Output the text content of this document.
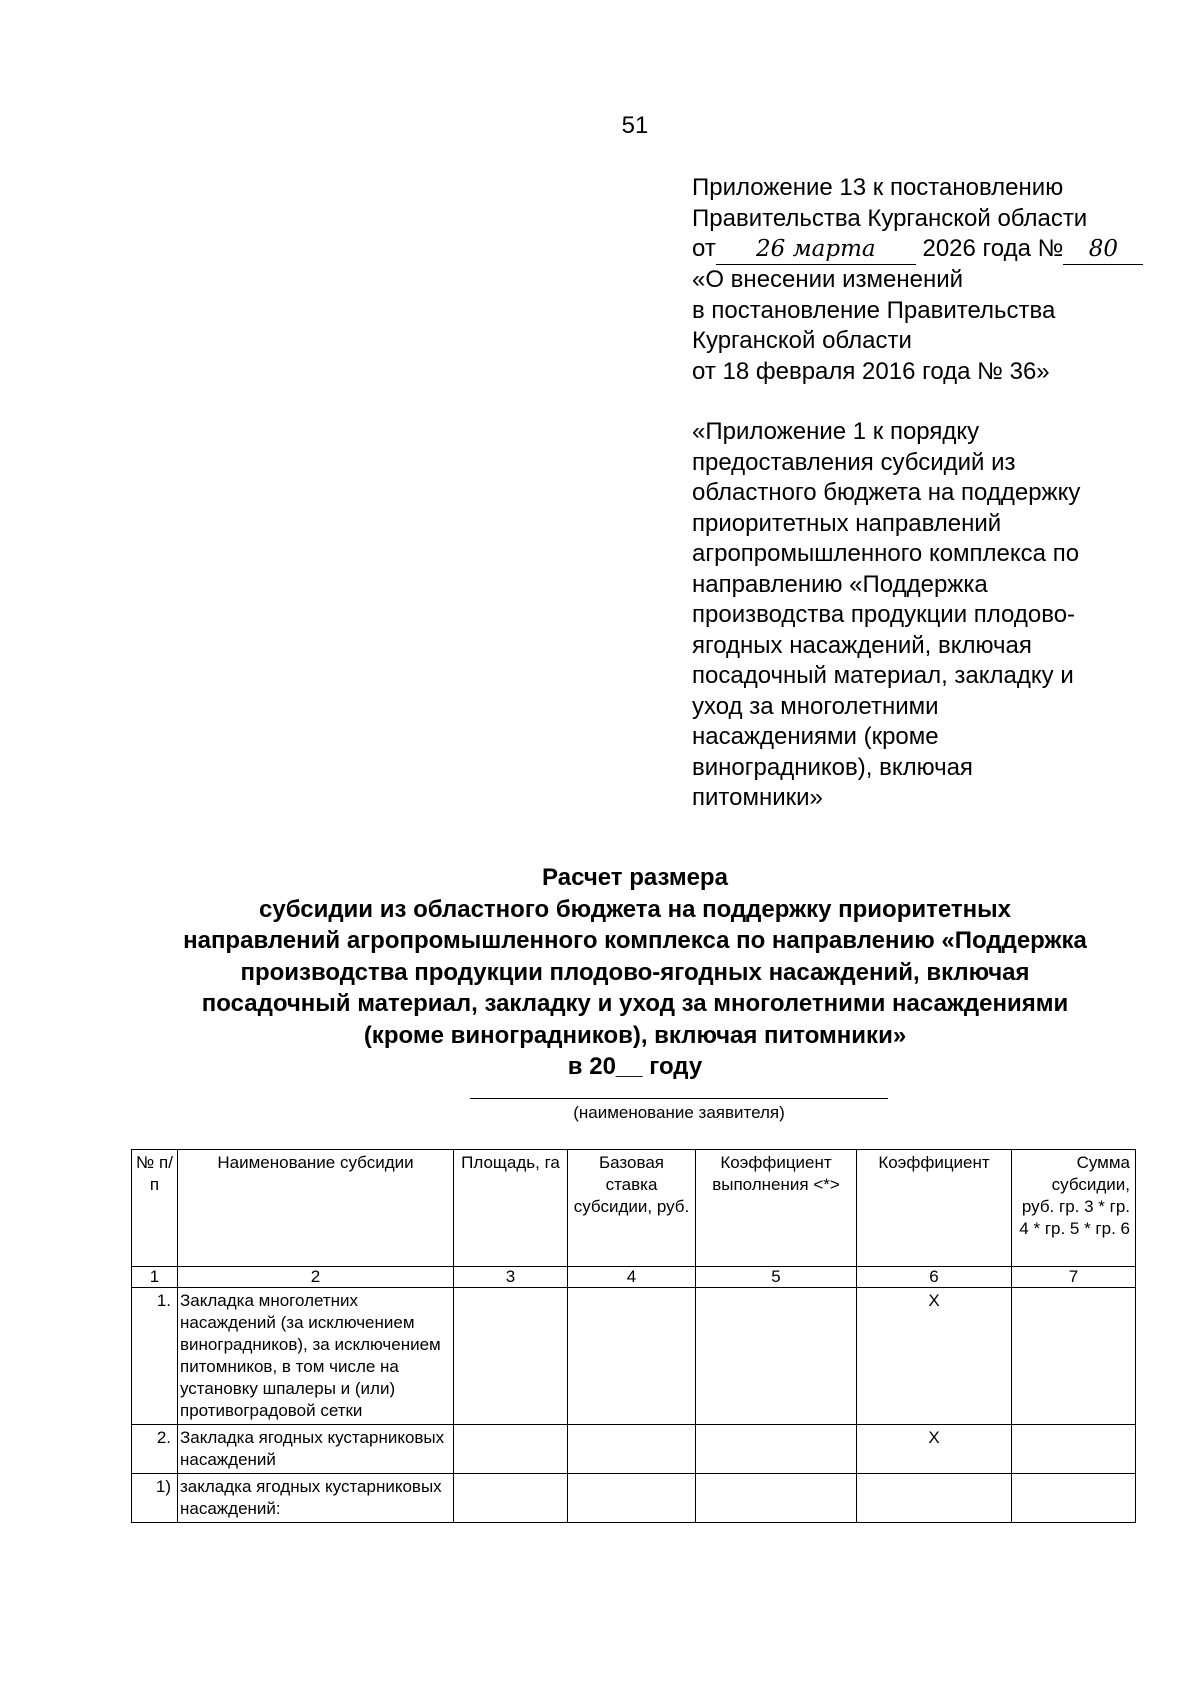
51

Приложение 13 к постановлению

Правительства Курганской области

от 26 марта 2026 года № 80

«О внесении изменений

в постановление Правительства

Курганской области

от 18 февраля 2016 года № 36»

«Приложение 1 к порядку

предоставления субсидий из

областного бюджета на поддержку

приоритетных направлений

агропромышленного комплекса по

направлению «Поддержка

производства продукции плодово-

ягодных насаждений, включая

посадочный материал, закладку и

уход за многолетними

насаждениями (кроме

виноградников), включая

питомники»

Расчет размера

субсидии из областного бюджета на поддержку приоритетных

направлений агропромышленного комплекса по направлению «Поддержка

производства продукции плодово-ягодных насаждений, включая

посадочный материал, закладку и уход за многолетними насаждениями

(кроме виноградников), включая питомники»

в 20__ году

(наименование заявителя)
№ п/п	Наименование субсидии	Площадь, га	Базовая ставка субсидии, руб.	Коэффициент выполнения <*>	Коэффициент	Сумма субсидии, руб. гр. 3 * гр. 4 * гр. 5 * гр. 6
1	2	3	4	5	6	7
1.	Закладка многолетних насаждений (за исключением виноградников), за исключением питомников, в том числе на установку шпалеры и (или) противоградовой сетки				X	
2.	Закладка ягодных кустарниковых насаждений				X	
1)	закладка ягодных кустарниковых насаждений:					
